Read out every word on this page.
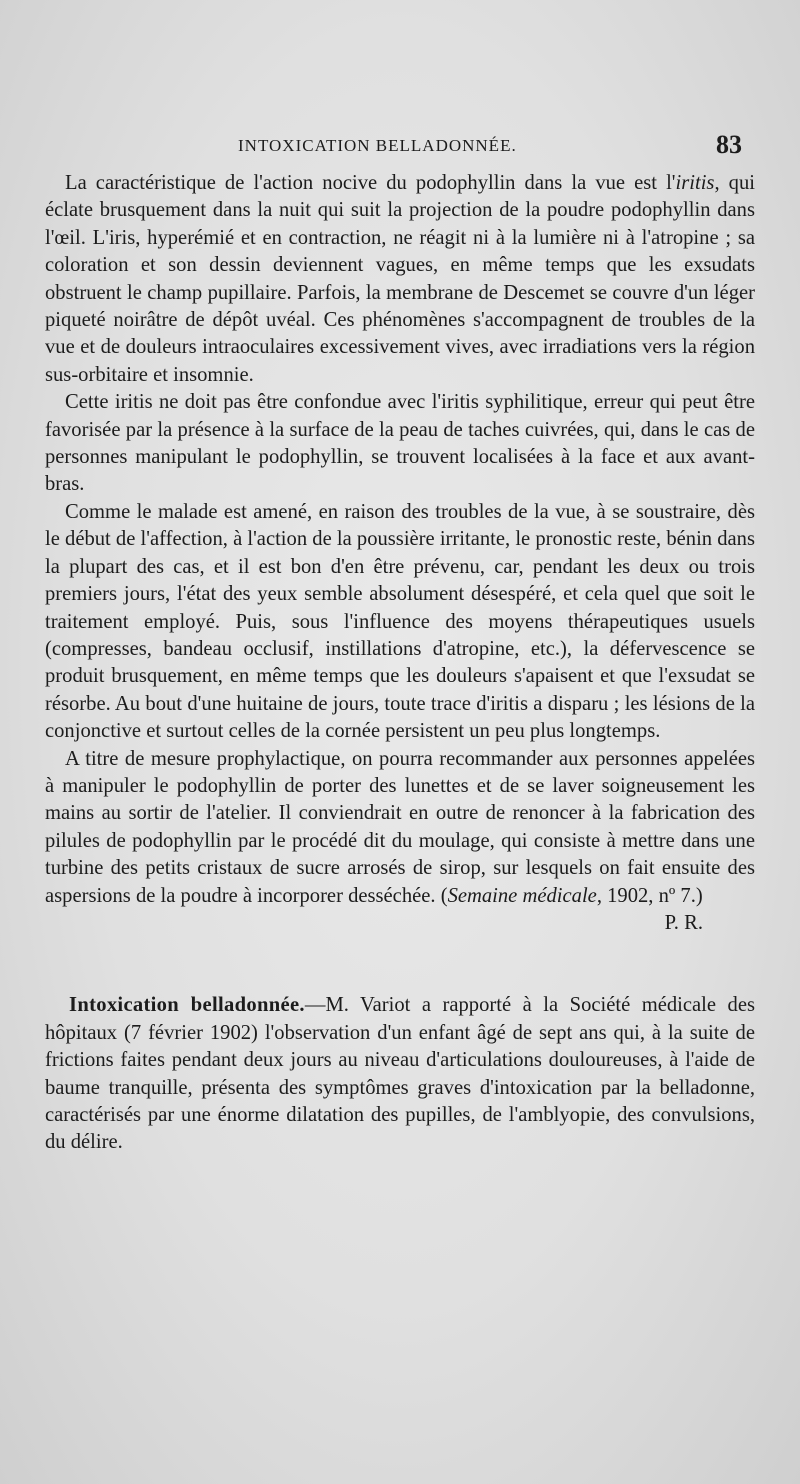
INTOXICATION BELLADONNÉE.	83

La caractéristique de l'action nocive du podophyllin dans la vue est l'iritis, qui éclate brusquement dans la nuit qui suit la projection de la poudre podophyllin dans l'œil. L'iris, hyperémié et en contraction, ne réagit ni à la lumière ni à l'atropine ; sa coloration et son dessin deviennent vagues, en même temps que les exsudats obstruent le champ pupillaire. Parfois, la membrane de Descemet se couvre d'un léger piqueté noirâtre de dépôt uvéal. Ces phénomènes s'accompagnent de troubles de la vue et de douleurs intraoculaires excessivement vives, avec irradiations vers la région sus-orbitaire et insomnie.

Cette iritis ne doit pas être confondue avec l'iritis syphilitique, erreur qui peut être favorisée par la présence à la surface de la peau de taches cuivrées, qui, dans le cas de personnes manipulant le podophyllin, se trouvent localisées à la face et aux avant-bras.

Comme le malade est amené, en raison des troubles de la vue, à se soustraire, dès le début de l'affection, à l'action de la poussière irritante, le pronostic reste, bénin dans la plupart des cas, et il est bon d'en être prévenu, car, pendant les deux ou trois premiers jours, l'état des yeux semble absolument désespéré, et cela quel que soit le traitement employé. Puis, sous l'influence des moyens thérapeutiques usuels (compresses, bandeau occlusif, instillations d'atropine, etc.), la défervescence se produit brusquement, en même temps que les douleurs s'apaisent et que l'exsudat se résorbe. Au bout d'une huitaine de jours, toute trace d'iritis a disparu ; les lésions de la conjonctive et surtout celles de la cornée persistent un peu plus longtemps.

A titre de mesure prophylactique, on pourra recommander aux personnes appelées à manipuler le podophyllin de porter des lunettes et de se laver soigneusement les mains au sortir de l'atelier. Il conviendrait en outre de renoncer à la fabrication des pilules de podophyllin par le procédé dit du moulage, qui consiste à mettre dans une turbine des petits cristaux de sucre arrosés de sirop, sur lesquels on fait ensuite des aspersions de la poudre à incorporer desséchée. (Semaine médicale, 1902, nº 7.)

P. R.

Intoxication belladonnée.—M. Variot a rapporté à la Société médicale des hôpitaux (7 février 1902) l'observation d'un enfant âgé de sept ans qui, à la suite de frictions faites pendant deux jours au niveau d'articulations douloureuses, à l'aide de baume tranquille, présenta des symptômes graves d'intoxication par la belladonne, caractérisés par une énorme dilatation des pupilles, de l'amblyopie, des convulsions, du délire.
